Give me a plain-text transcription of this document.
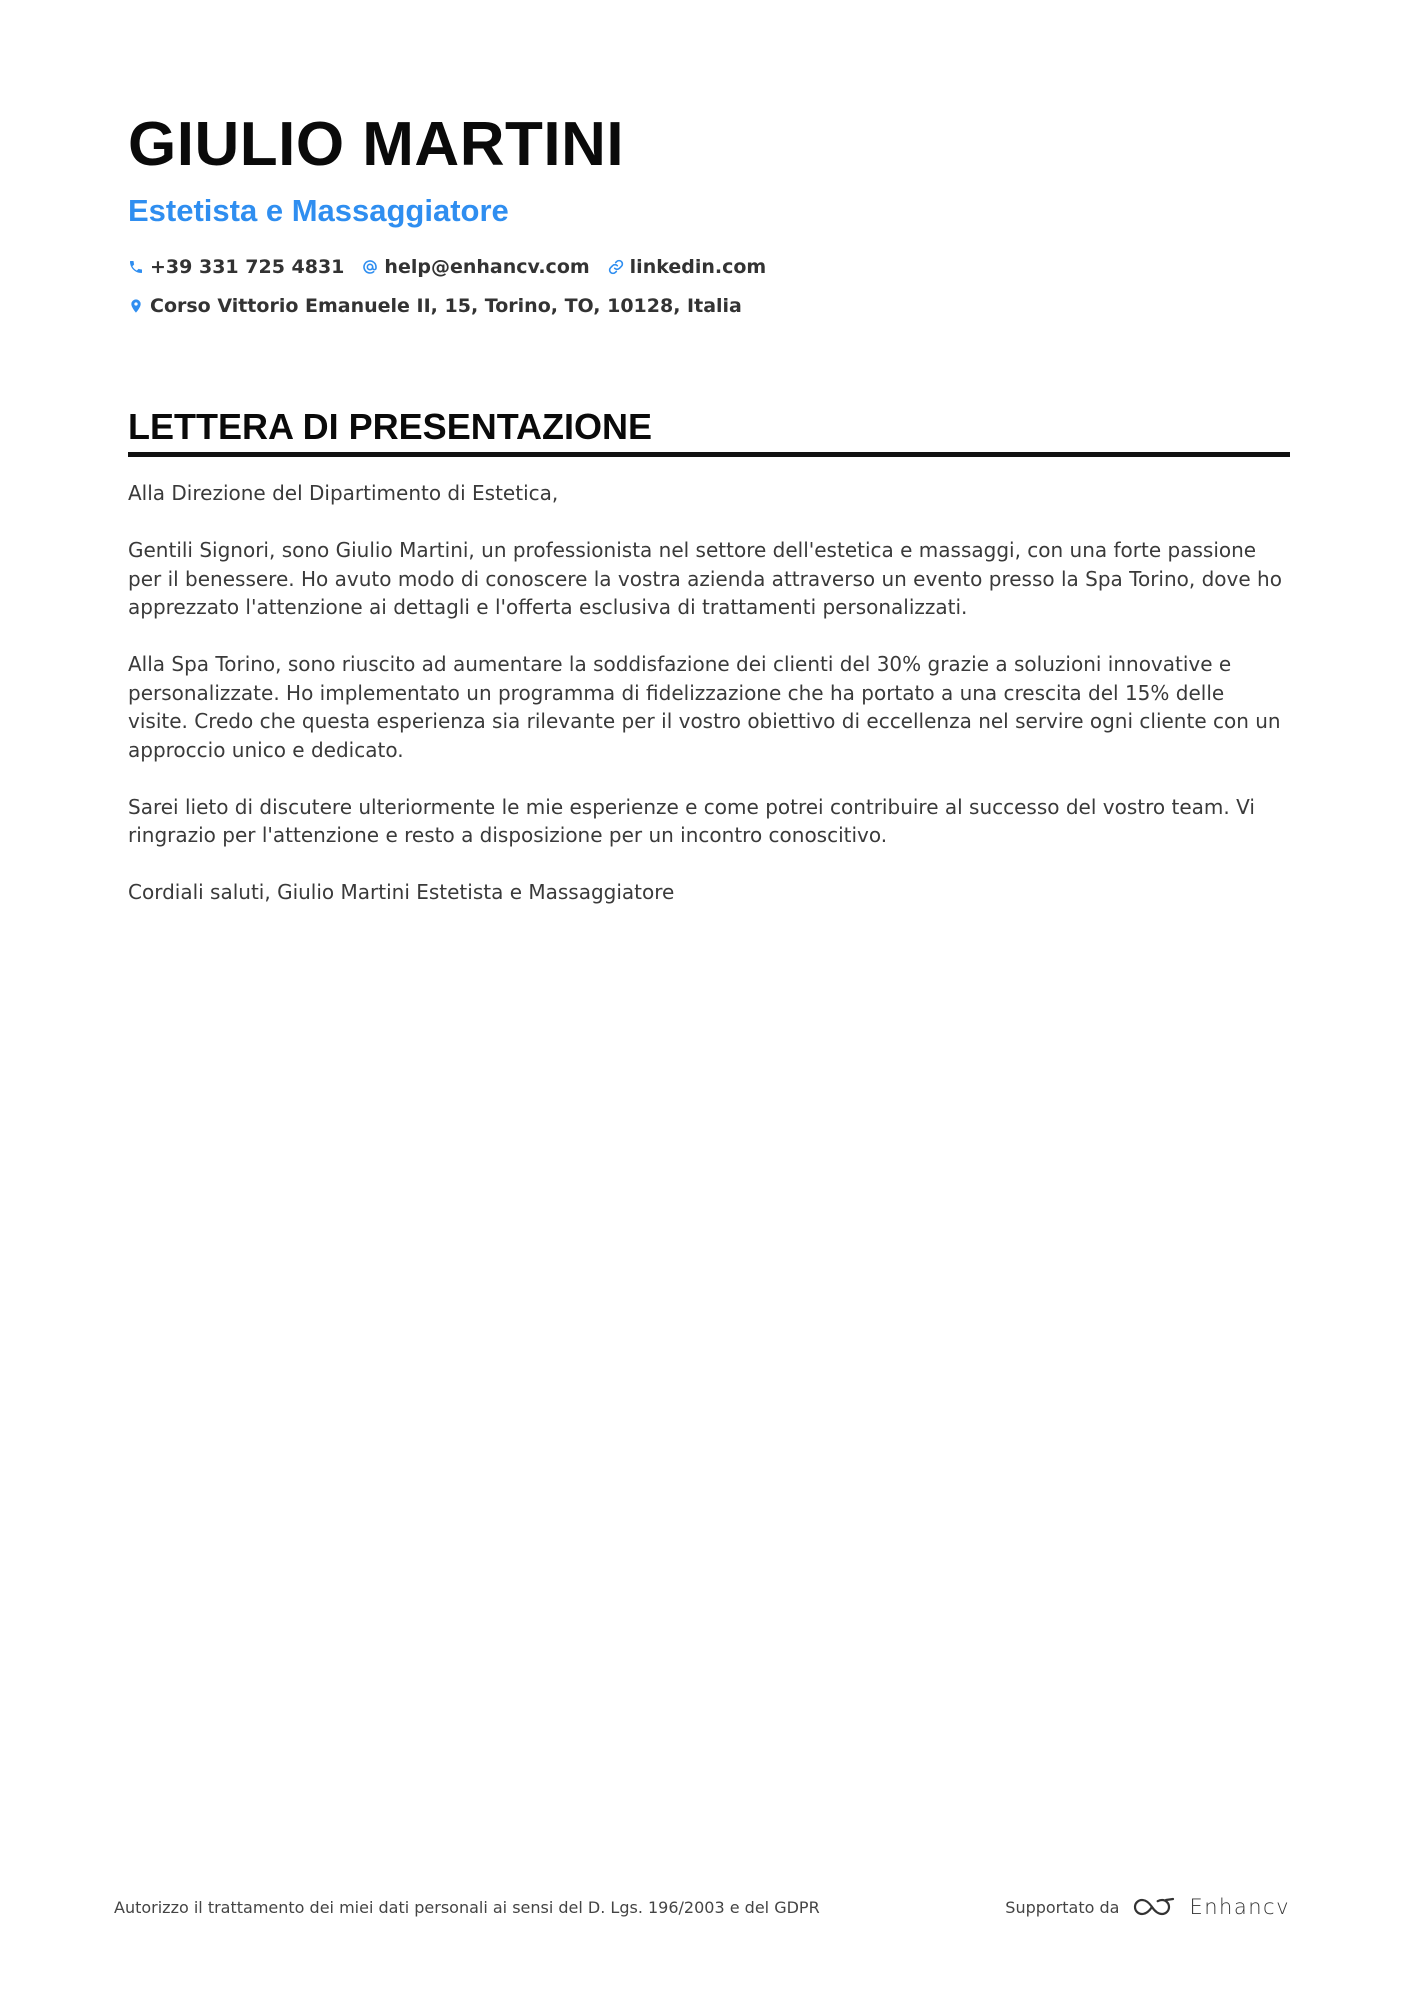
GIULIO MARTINI
Estetista e Massaggiatore
+39 331 725 4831 help@enhancv.com linkedin.com
Corso Vittorio Emanuele II, 15, Torino, TO, 10128, Italia
LETTERA DI PRESENTAZIONE

Alla Direzione del Dipartimento di Estetica,

Gentili Signori, sono Giulio Martini, un professionista nel settore dell'estetica e massaggi, con una forte passione per il benessere. Ho avuto modo di conoscere la vostra azienda attraverso un evento presso la Spa Torino, dove ho apprezzato l'attenzione ai dettagli e l'offerta esclusiva di trattamenti personalizzati.

Alla Spa Torino, sono riuscito ad aumentare la soddisfazione dei clienti del 30% grazie a soluzioni innovative e personalizzate. Ho implementato un programma di fidelizzazione che ha portato a una crescita del 15% delle visite. Credo che questa esperienza sia rilevante per il vostro obiettivo di eccellenza nel servire ogni cliente con un approccio unico e dedicato.

Sarei lieto di discutere ulteriormente le mie esperienze e come potrei contribuire al successo del vostro team. Vi ringrazio per l'attenzione e resto a disposizione per un incontro conoscitivo.

Cordiali saluti, Giulio Martini Estetista e Massaggiatore

Autorizzo il trattamento dei miei dati personali ai sensi del D. Lgs. 196/2003 e del GDPR	Supportato da	Enhancv
